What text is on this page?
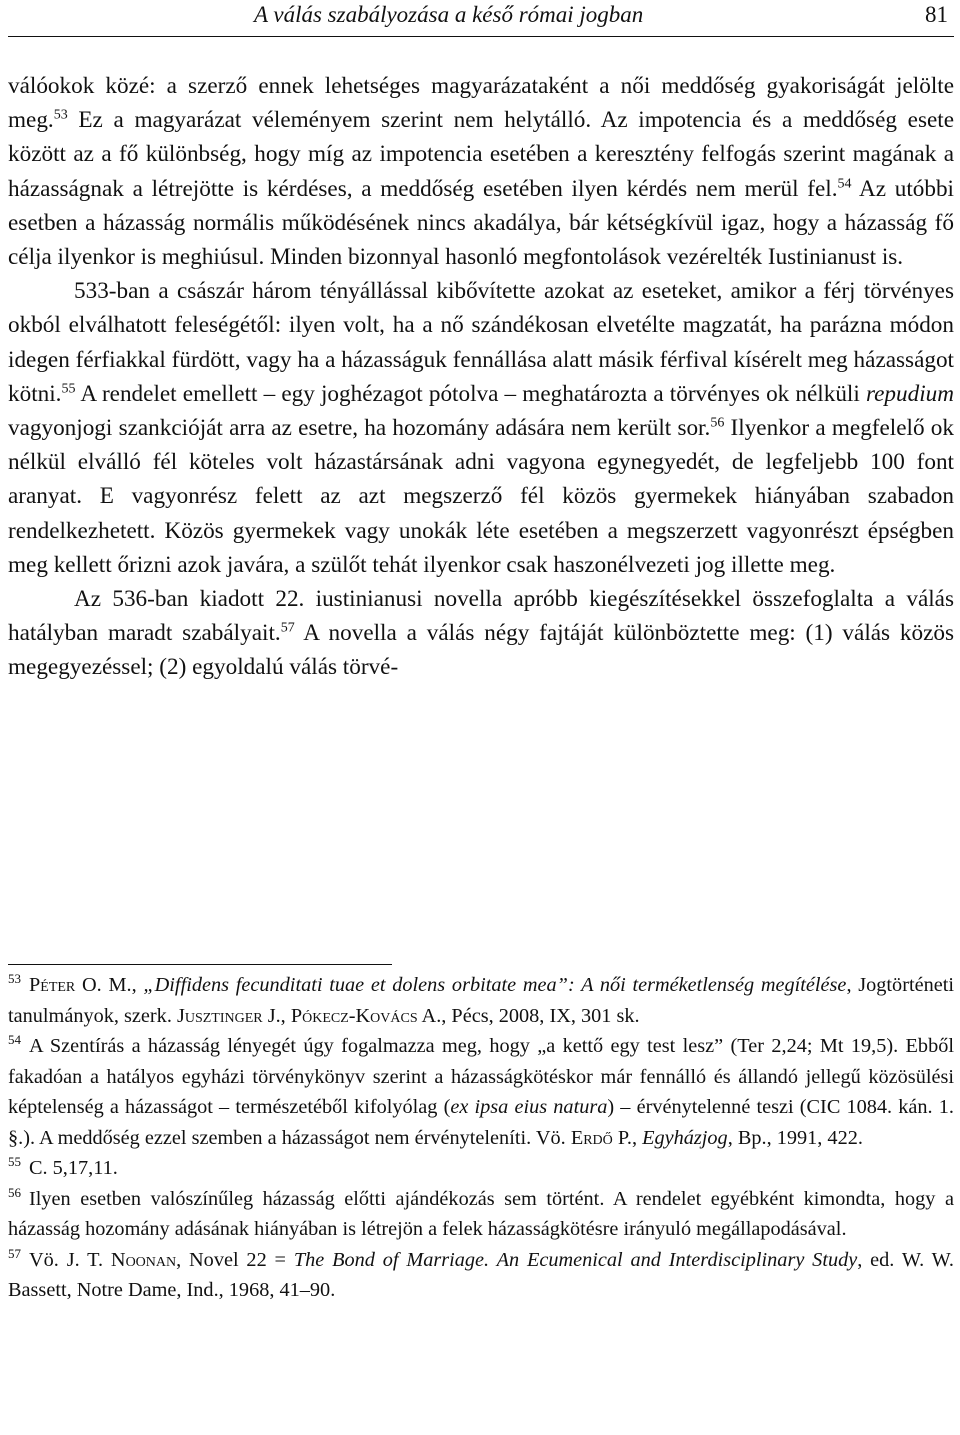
A válás szabályozása a késő római jogban	81

válóokok közé: a szerző ennek lehetséges magyarázataként a női meddőség gyakoriságát jelölte meg.$^{53}$ Ez a magyarázat véleményem szerint nem helytálló. Az impotencia és a meddőség esete között az a fő különbség, hogy míg az impotencia esetében a keresztény felfogás szerint magának a házasságnak a létrejötte is kérdéses, a meddőség esetében ilyen kérdés nem merül fel.$^{54}$ Az utóbbi esetben a házasság normális működésének nincs akadálya, bár kétségkívül igaz, hogy a házasság fő célja ilyenkor is meghiúsul. Minden bizonnyal hasonló megfontolások vezérelték Iustinianust is.

533-ban a császár három tényállással kibővítette azokat az eseteket, amikor a férj törvényes okból elválhatott feleségétől: ilyen volt, ha a nő szándékosan elvetélte magzatát, ha parázna módon idegen férfiakkal fürdött, vagy ha a házasságuk fennállása alatt másik férfival kísérelt meg házasságot kötni.$^{55}$ A rendelet emellett – egy joghézagot pótolva – meghatározta a törvényes ok nélküli repudium vagyonjogi szankcióját arra az esetre, ha hozomány adására nem került sor.$^{56}$ Ilyenkor a megfelelő ok nélkül elválló fél köteles volt házastársának adni vagyona egynegyedét, de legfeljebb 100 font aranyat. E vagyonrész felett az azt megszerző fél közös gyermekek hiányában szabadon rendelkezhetett. Közös gyermekek vagy unokák léte esetében a megszerzett vagyonrészt épségben meg kellett őrizni azok javára, a szülőt tehát ilyenkor csak haszonélvezeti jog illette meg.

Az 536-ban kiadott 22. iustinianusi novella apróbb kiegészítésekkel összefoglalta a válás hatályban maradt szabályait.$^{57}$ A novella a válás négy fajtáját különböztette meg: (1) válás közös megegyezéssel; (2) egyoldalú válás törvé-

$^{53}$ Péter O. M., „Diffidens fecunditati tuae et dolens orbitate mea”: A női terméketlenség megítélése, Jogtörténeti tanulmányok, szerk. Jusztinger J., Pókecz-Kovács A., Pécs, 2008, IX, 301 sk.

$^{54}$ A Szentírás a házasság lényegét úgy fogalmazza meg, hogy „a kettő egy test lesz” (Ter 2,24; Mt 19,5). Ebből fakadóan a hatályos egyházi törvénykönyv szerint a házasságkötéskor már fennálló és állandó jellegű közösülési képtelenség a házasságot – természetéből kifolyólag (ex ipsa eius natura) – érvénytelenné teszi (CIC 1084. kán. 1. §.). A meddőség ezzel szemben a házasságot nem érvényteleníti. Vö. Erdő P., Egyházjog, Bp., 1991, 422.

$^{55}$ C. 5,17,11.

$^{56}$ Ilyen esetben valószínűleg házasság előtti ajándékozás sem történt. A rendelet egyébként kimondta, hogy a házasság hozomány adásának hiányában is létrejön a felek házasságkötésre irányuló megállapodásával.

$^{57}$ Vö. J. T. Noonan, Novel 22 = The Bond of Marriage. An Ecumenical and Interdisciplinary Study, ed. W. W. Bassett, Notre Dame, Ind., 1968, 41–90.
